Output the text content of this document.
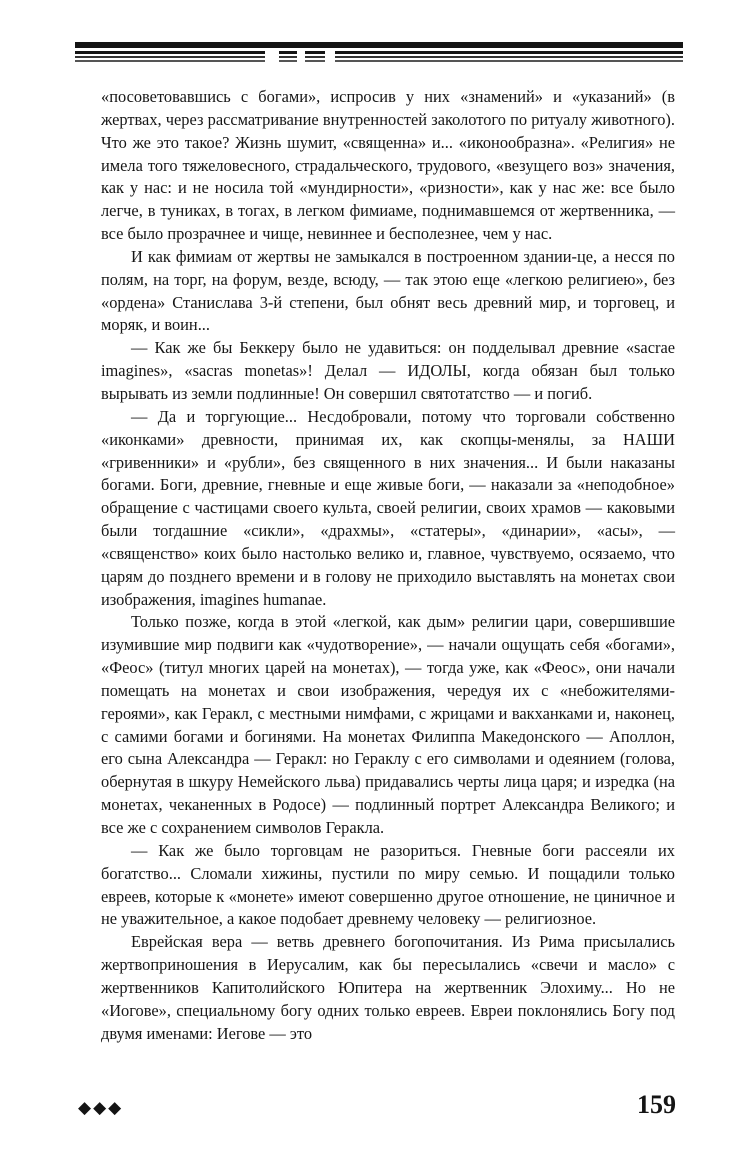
«посоветовавшись с богами», испросив у них «знамений» и «указаний» (в жертвах, через рассматривание внутренностей заколотого по ритуалу животного). Что же это такое? Жизнь шумит, «священна» и... «иконообразна». «Религия» не имела того тяжеловесного, страдальческого, трудового, «везущего воз» значения, как у нас: и не носила той «мундирности», «ризности», как у нас же: все было легче, в туниках, в тогах, в легком фимиаме, поднимавшемся от жертвенника, — все было прозрачнее и чище, невиннее и бесполезнее, чем у нас.

И как фимиам от жертвы не замыкался в построенном здании-це, а несся по полям, на торг, на форум, везде, всюду, — так этою еще «легкою религиею», без «ордена» Станислава 3-й степени, был обнят весь древний мир, и торговец, и моряк, и воин...

— Как же бы Беккеру было не удавиться: он подделывал древние «sacrae imagines», «sacras monetas»! Делал — ИДОЛЫ, когда обязан был только вырывать из земли подлинные! Он совершил святотатство — и погиб.

— Да и торгующие... Несдобровали, потому что торговали собственно «иконками» древности, принимая их, как скопцы-менялы, за НАШИ «гривенники» и «рубли», без священного в них значения... И были наказаны богами. Боги, древние, гневные и еще живые боги, — наказали за «неподобное» обращение с частицами своего культа, своей религии, своих храмов — каковыми были тогдашние «сикли», «драхмы», «статеры», «динарии», «асы», — «священство» коих было настолько велико и, главное, чувствуемо, осязаемо, что царям до позднего времени и в голову не приходило выставлять на монетах свои изображения, imagines humanae.

Только позже, когда в этой «легкой, как дым» религии цари, совершившие изумившие мир подвиги как «чудотворение», — начали ощущать себя «богами», «Феос» (титул многих царей на монетах), — тогда уже, как «Феос», они начали помещать на монетах и свои изображения, чередуя их с «небожителями-героями», как Геракл, с местными нимфами, с жрицами и вакханками и, наконец, с самими богами и богинями. На монетах Филиппа Македонского — Аполлон, его сына Александра — Геракл: но Гераклу с его символами и одеянием (голова, обернутая в шкуру Немейского льва) придавались черты лица царя; и изредка (на монетах, чеканенных в Родосе) — подлинный портрет Александра Великого; и все же с сохранением символов Геракла.

— Как же было торговцам не разориться. Гневные боги рассеяли их богатство... Сломали хижины, пустили по миру семью. И пощадили только евреев, которые к «монете» имеют совершенно другое отношение, не циничное и не уважительное, а какое подобает древнему человеку — религиозное.

Еврейская вера — ветвь древнего богопочитания. Из Рима присылались жертвоприношения в Иерусалим, как бы пересылались «свечи и масло» с жертвенников Капитолийского Юпитера на жертвенник Элохиму... Но не «Иогове», специальному богу одних только евреев. Евреи поклонялись Богу под двумя именами: Иегове — это

◆◆◆	159
